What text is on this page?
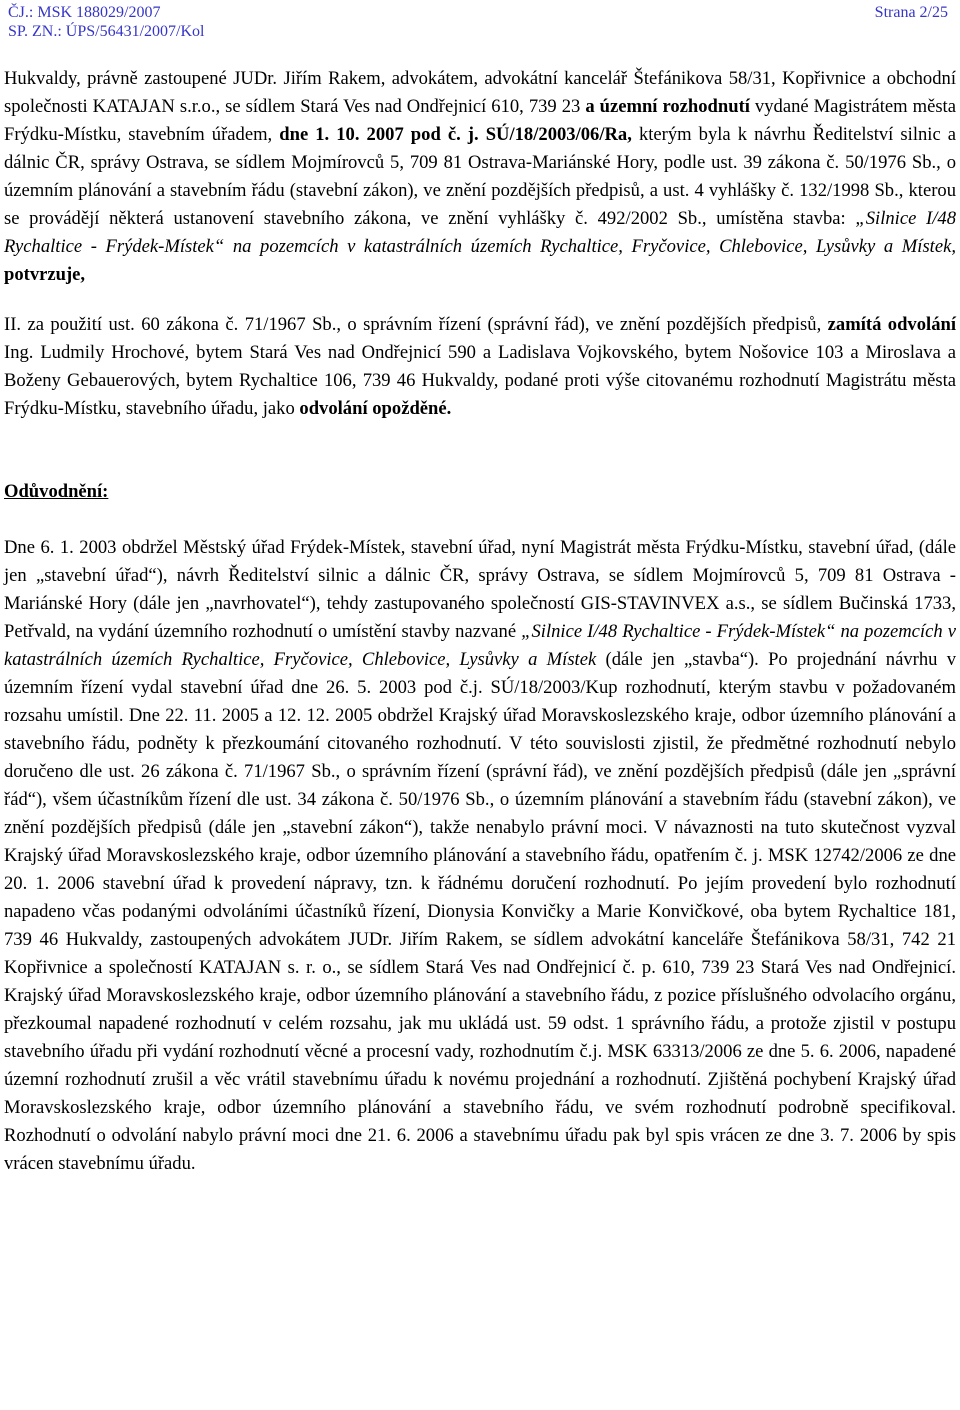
ČJ.: MSK 188029/2007
SP. ZN.: ÚPS/56431/2007/Kol
Strana 2/25

Hukvaldy, právně zastoupené JUDr. Jiřím Rakem, advokátem, advokátní kancelář Štefánikova 58/31, Kopřivnice a obchodní společnosti KATAJAN s.r.o., se sídlem Stará Ves nad Ondřejnicí 610, 739 23 a územní rozhodnutí vydané Magistrátem města Frýdku-Místku, stavebním úřadem, dne 1. 10. 2007 pod č. j. SÚ/18/2003/06/Ra, kterým byla k návrhu Ředitelství silnic a dálnic ČR, správy Ostrava, se sídlem Mojmírovců 5, 709 81 Ostrava-Mariánské Hory, podle ust. 39 zákona č. 50/1976 Sb., o územním plánování a stavebním řádu (stavební zákon), ve znění pozdějších předpisů, a ust. 4 vyhlášky č. 132/1998 Sb., kterou se provádějí některá ustanovení stavebního zákona, ve znění vyhlášky č. 492/2002 Sb., umístěna stavba: „Silnice I/48 Rychaltice - Frýdek-Místek“ na pozemcích v katastrálních územích Rychaltice, Fryčovice, Chlebovice, Lysůvky a Místek, potvrzuje,

II. za použití ust. 60 zákona č. 71/1967 Sb., o správním řízení (správní řád), ve znění pozdějších předpisů, zamítá odvolání Ing. Ludmily Hrochové, bytem Stará Ves nad Ondřejnicí 590 a Ladislava Vojkovského, bytem Nošovice 103 a Miroslava a Boženy Gebauerových, bytem Rychaltice 106, 739 46 Hukvaldy, podané proti výše citovanému rozhodnutí Magistrátu města Frýdku-Místku, stavebního úřadu, jako odvolání opožděné.

Odůvodnění:

Dne 6. 1. 2003 obdržel Městský úřad Frýdek-Místek, stavební úřad, nyní Magistrát města Frýdku-Místku, stavební úřad, (dále jen „stavební úřad“), návrh Ředitelství silnic a dálnic ČR, správy Ostrava, se sídlem Mojmírovců 5, 709 81 Ostrava - Mariánské Hory (dále jen „navrhovatel“), tehdy zastupovaného společností GIS-STAVINVEX a.s., se sídlem Bučinská 1733, Petřvald, na vydání územního rozhodnutí o umístění stavby nazvané „Silnice I/48 Rychaltice - Frýdek-Místek“ na pozemcích v katastrálních územích Rychaltice, Fryčovice, Chlebovice, Lysůvky a Místek (dále jen „stavba“). Po projednání návrhu v územním řízení vydal stavební úřad dne 26. 5. 2003 pod č.j. SÚ/18/2003/Kup rozhodnutí, kterým stavbu v požadovaném rozsahu umístil. Dne 22. 11. 2005 a 12. 12. 2005 obdržel Krajský úřad Moravskoslezského kraje, odbor územního plánování a stavebního řádu, podněty k přezkoumání citovaného rozhodnutí. V této souvislosti zjistil, že předmětné rozhodnutí nebylo doručeno dle ust. 26 zákona č. 71/1967 Sb., o správním řízení (správní řád), ve znění pozdějších předpisů (dále jen „správní řád“), všem účastníkům řízení dle ust. 34 zákona č. 50/1976 Sb., o územním plánování a stavebním řádu (stavební zákon), ve znění pozdějších předpisů (dále jen „stavební zákon“), takže nenabylo právní moci. V návaznosti na tuto skutečnost vyzval Krajský úřad Moravskoslezského kraje, odbor územního plánování a stavebního řádu, opatřením č. j. MSK 12742/2006 ze dne 20. 1. 2006 stavební úřad k provedení nápravy, tzn. k řádnému doručení rozhodnutí. Po jejím provedení bylo rozhodnutí napadeno včas podanými odvoláními účastníků řízení, Dionysia Konvičky a Marie Konvičkové, oba bytem Rychaltice 181, 739 46 Hukvaldy, zastoupených advokátem JUDr. Jiřím Rakem, se sídlem advokátní kanceláře Štefánikova 58/31, 742 21 Kopřivnice a společností KATAJAN s. r. o., se sídlem Stará Ves nad Ondřejnicí č. p. 610, 739 23 Stará Ves nad Ondřejnicí. Krajský úřad Moravskoslezského kraje, odbor územního plánování a stavebního řádu, z pozice příslušného odvolacího orgánu, přezkoumal napadené rozhodnutí v celém rozsahu, jak mu ukládá ust. 59 odst. 1 správního řádu, a protože zjistil v postupu stavebního úřadu při vydání rozhodnutí věcné a procesní vady, rozhodnutím č.j. MSK 63313/2006 ze dne 5. 6. 2006, napadené územní rozhodnutí zrušil a věc vrátil stavebnímu úřadu k novému projednání a rozhodnutí. Zjištěná pochybení Krajský úřad Moravskoslezského kraje, odbor územního plánování a stavebního řádu, ve svém rozhodnutí podrobně specifikoval. Rozhodnutí o odvolání nabylo právní moci dne 21. 6. 2006 a stavebnímu úřadu pak byl spis vrácen ze dne 3. 7. 2006 by spis vrácen stavebnímu úřadu.
